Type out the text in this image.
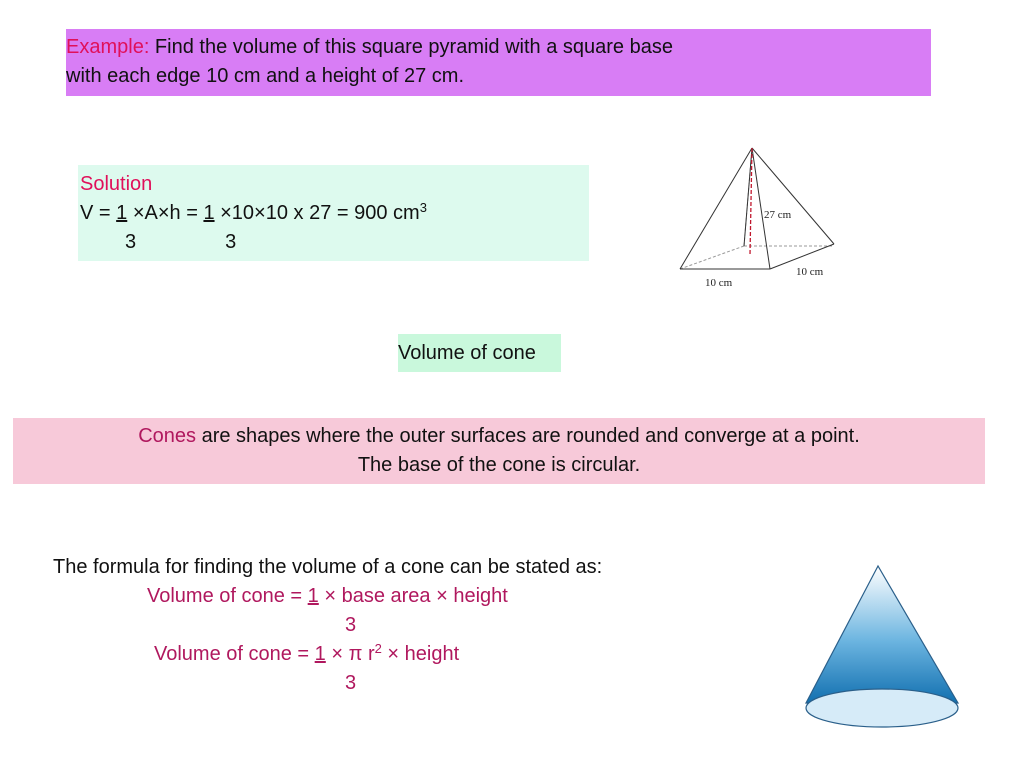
Example: Find the volume of this square pyramid with a square base
with each edge 10 cm and a height of 27 cm.
Solution
V = 1 ×A×h = 1 ×10×10 x 27 = 900 $cm^3$
3	3
27 cm
10 cm
10 cm
Volume of cone
Cones are shapes where the outer surfaces are rounded and converge at a point.
The base of the cone is circular.
The formula for finding the volume of a cone can be stated as:
Volume of cone = 1 × base area × height
3
Volume of cone = 1 × π $r^2$ × height
3
